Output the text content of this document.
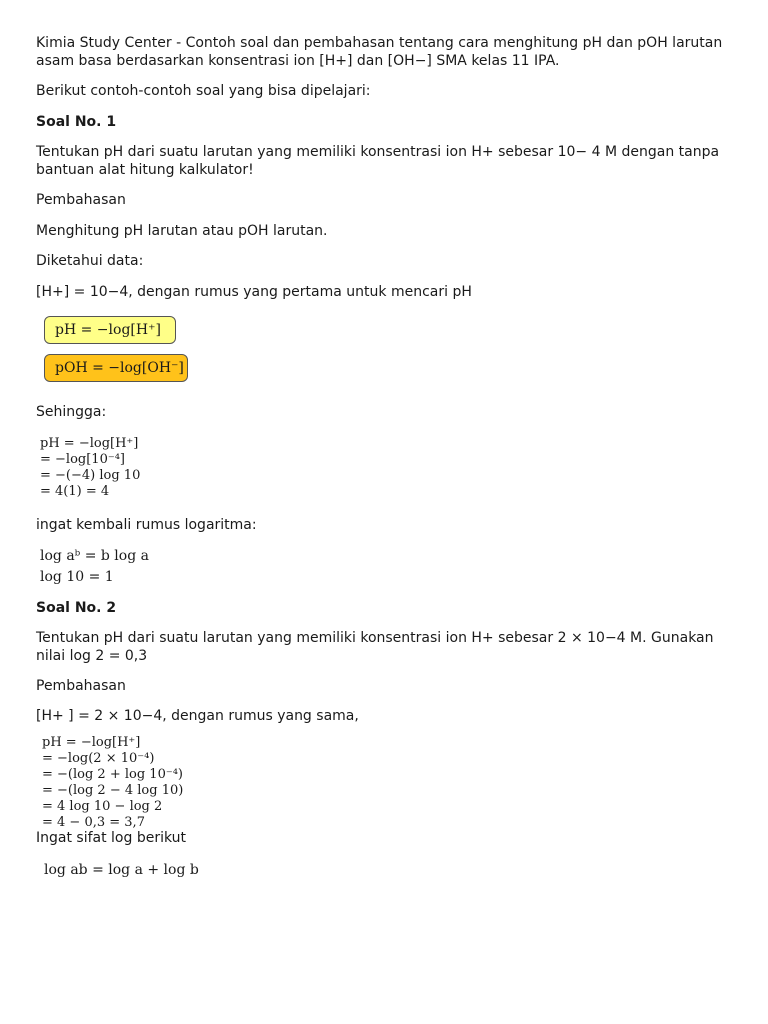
Kimia Study Center - Contoh soal dan pembahasan tentang cara menghitung pH dan pOH larutan

asam basa berdasarkan konsentrasi ion [H+] dan [OH−] SMA kelas 11 IPA.

Berikut contoh-contoh soal yang bisa dipelajari:

Soal No. 1

Tentukan pH dari suatu larutan yang memiliki konsentrasi ion H+ sebesar 10− 4 M dengan tanpa

bantuan alat hitung kalkulator!

Pembahasan

Menghitung pH larutan atau pOH larutan.

Diketahui data:

[H+] = 10−4, dengan rumus yang pertama untuk mencari pH

pH = −log[H⁺]
pOH = −log[OH⁻]

Sehingga:

pH = −log[H⁺]
= −log[10⁻⁴]
= −(−4) log 10
= 4(1) = 4

ingat kembali rumus logaritma:

log aᵇ = b log a
log 10 = 1

Soal No. 2

Tentukan pH dari suatu larutan yang memiliki konsentrasi ion H+ sebesar 2 × 10−4 M. Gunakan

nilai log 2 = 0,3

Pembahasan

[H+ ] = 2 × 10−4, dengan rumus yang sama,

pH = −log[H⁺]
= −log(2 × 10⁻⁴)
= −(log 2 + log 10⁻⁴)
= −(log 2 − 4 log 10)
= 4 log 10 − log 2
= 4 − 0,3 = 3,7

Ingat sifat log berikut

log ab = log a + log b
